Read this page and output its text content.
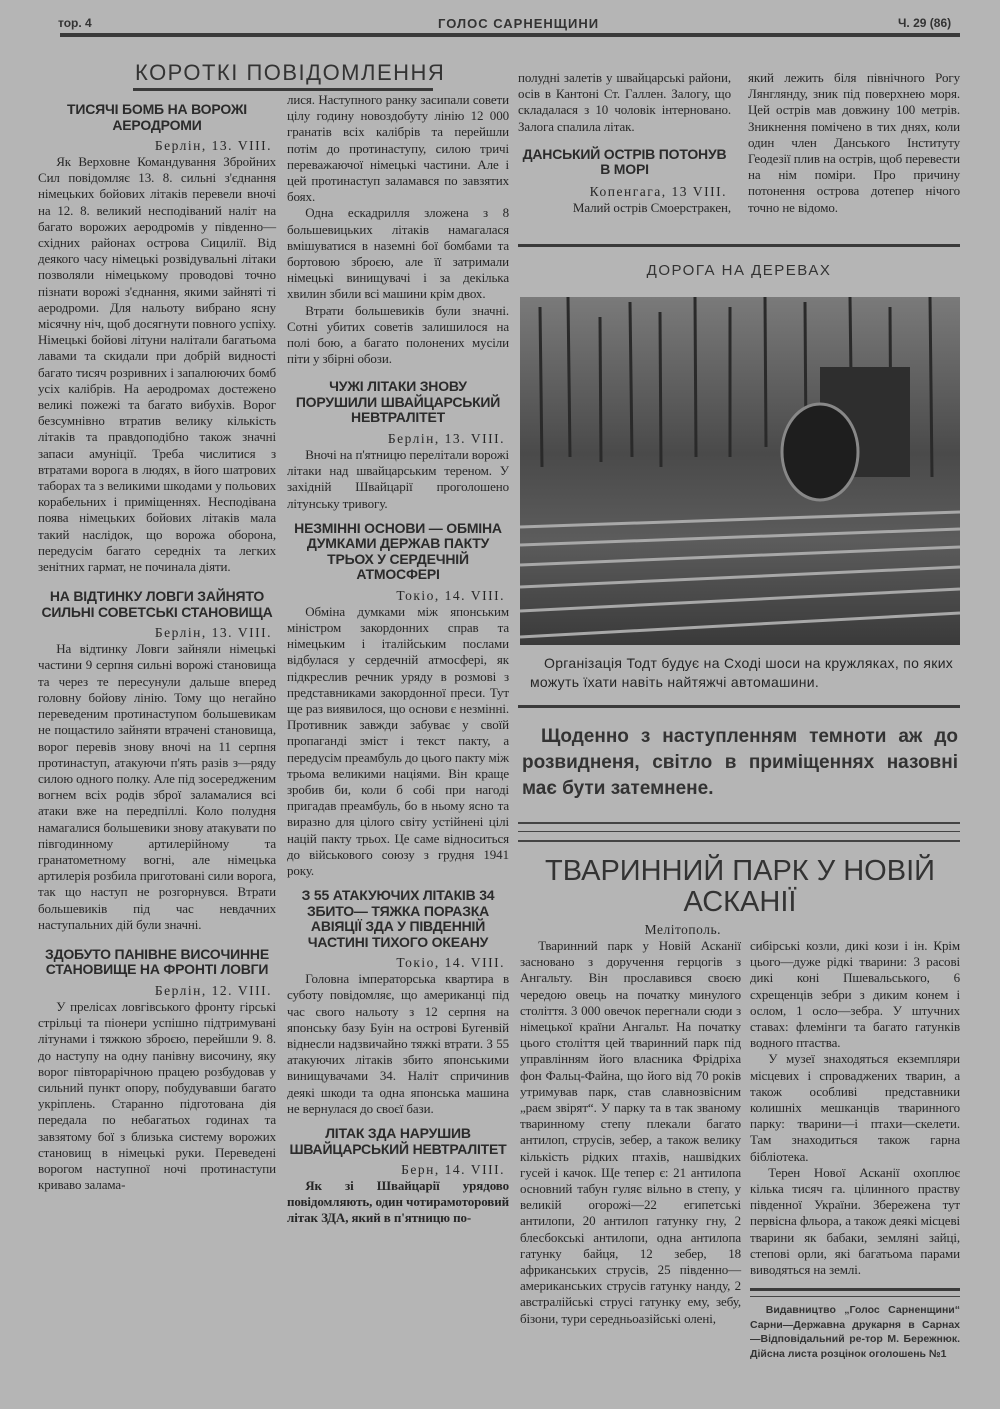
тор. 4	ГОЛОС САРНЕНЩИНИ	Ч. 29 (86)
КОРОТКІ ПОВІДОМЛЕННЯ
ТИСЯЧІ БОМБ НА ВОРОЖІ АЕРОДРОМИ
Берлін, 13. VIII.

Як Верховне Командування Збройних Сил повідомляє 13. 8. сильні з'єднання німецьких бойових літаків перевели вночі на 12. 8. великий несподіваний наліт на багато ворожих аеродромів у південно—східних районах острова Сицилії. Від деякого часу німецькі розвідувальні літаки позволяли німецькому проводові точно пізнати ворожі з'єднання, якими зайняті ті аеродроми. Для нальоту вибрано ясну місячну ніч, щоб досягнути повного успіху. Німецькі бойові літуни налітали багатьома лавами та скидали при добрій видності багато тисяч розривних і запалюючих бомб усіх калібрів. На аеродромах достежено великі пожежі та багато вибухів. Ворог безсумнівно втратив велику кількість літаків та правдоподібно також значні запаси амуніції. Треба числитися з втратами ворога в людях, в його шатрових таборах та з великими шкодами у польових корабельних і приміщеннях. Несподівана поява німецьких бойових літаків мала такий наслідок, що ворожа оборона, передусім багато середніх та легких зенітних гармат, не починала діяти.

НА ВІДТИНКУ ЛОВГИ ЗАЙНЯТО СИЛЬНІ СОВЕТСЬКІ СТАНОВИЩА
Берлін, 13. VIII.

На відтинку Ловги зайняли німецькі частини 9 серпня сильні ворожі становища та через те пересунули дальше вперед головну бойову лінію. Тому що негайно переведеним протинаступом большевикам не пощастило зайняти втрачені становища, ворог перевів знову вночі на 11 серпня протинаступ, атакуючи п'ять разів з—ряду силою одного полку. Але під зосередженим вогнем всіх родів зброї заламалися всі атаки вже на передпіллі. Коло полудня намагалися большевики знову атакувати по півгодинному артилерійному та гранатометному вогні, але німецька артилерія розбила приготовані сили ворога, так що наступ не розгорнувся. Втрати большевиків під час невдачних наступальних дій були значні.

ЗДОБУТО ПАНІВНЕ ВИСОЧИННЕ СТАНОВИЩЕ НА ФРОНТІ ЛОВГИ
Берлін, 12. VIII.

У прелісах ловгівського фронту гірські стрільці та піонери успішно підтримувані літунами і тяжкою зброєю, перейшли 9. 8. до наступу на одну панівну височину, яку ворог півторарічною працею розбудовав у сильний пункт опору, побудувавши багато укріплень. Старанно підготована дія передала по небагатьох годинах та завзятому бої з близька систему ворожих становищ в німецькі руки. Переведені ворогом наступної ночі протинаступи криваво залама-

лися. Наступного ранку засипали совети цілу годину новоздобуту лінію 12 000 гранатів всіх калібрів та перейшли потім до протинаступу, силою тричі переважаючої німецькі частини. Але і цей протинаступ заламався по завзятих боях.

Одна ескадрилля зложена з 8 большевицьких літаків намагалася вмішуватися в наземні бої бомбами та бортовою зброєю, але її затримали німецькі винищувачі і за декілька хвилин збили всі машини крім двох.

Втрати большевиків були значні. Сотні убитих советів залишилося на полі бою, а багато полонених мусіли піти у збірні обози.

ЧУЖІ ЛІТАКИ ЗНОВУ ПОРУШИЛИ ШВАЙЦАРСЬКИЙ НЕВТРАЛІТЕТ
Берлін, 13. VIII.

Вночі на п'ятницю перелітали ворожі літаки над швайцарським тереном. У західній Швайцарії проголошено літунську тривогу.

НЕЗМІННІ ОСНОВИ — ОБМІНА ДУМКАМИ ДЕРЖАВ ПАКТУ ТРЬОХ У СЕРДЕЧНІЙ АТМОСФЕРІ
Токіо, 14. VIII.

Обміна думками між японським міністром закордонних справ та німецьким і італійським послами відбулася у сердечній атмосфері, як підкреслив речник уряду в розмові з представниками закордонної преси. Тут ще раз виявилося, що основи є незмінні. Противник завжди забуває у своїй пропаганді зміст і текст пакту, а передусім преамбуль до цього пакту між трьома великими націями. Він краще зробив би, коли б собі при нагоді пригадав преамбуль, бо в ньому ясно та виразно для цілого світу устійнені цілі націй пакту трьох. Це саме відноситься до військового союзу з грудня 1941 року.

З 55 АТАКУЮЧИХ ЛІТАКІВ 34 ЗБИТО— ТЯЖКА ПОРАЗКА АВІЯЦІЇ ЗДА У ПІВДЕННІЙ ЧАСТИНІ ТИХОГО ОКЕАНУ
Токіо, 14. VIII.

Головна імператорська квартира в суботу повідомляє, що американці під час свого нальоту з 12 серпня на японську базу Буін на острові Бугенвій віднесли надзвичайно тяжкі втрати. З 55 атакуючих літаків збито японськими винищувачами 34. Наліт спричинив деякі шкоди та одна японська машина не вернулася до своєї бази.

ЛІТАК ЗДА НАРУШИВ ШВАЙЦАРСЬКИЙ НЕВТРАЛІТЕТ
Берн, 14. VIII.

Як зі Швайцарії урядово повідомляють, один чотирамоторовий літак ЗДА, який в п'ятницю по-

полудні залетів у швайцарські райони, осів в Кантоні Ст. Галлен. Залогу, що складалася з 10 чоловік інтерновано. Залога спалила літак.

ДАНСЬКИЙ ОСТРІВ ПОТОНУВ В МОРІ
Копенгага, 13 VIII.

Малий острів Смоерстракен,

який лежить біля північного Рогу Лянглянду, зник під поверхнею моря. Цей острів мав довжину 100 метрів. Зникнення помічено в тих днях, коли один член Данського Інституту Геодезії плив на острів, щоб перевести на нім поміри. Про причину потонення острова дотепер нічого точно не відомо.

ДОРОГА НА ДЕРЕВАХ
Організація Тодт будує на Сході шоси на кружляках, по яких можуть їхати навіть найтяжчі автомашини.
Щоденно з наступленням темноти аж до розвидненя, світло в приміщеннях назовні має бути затемнене.
ТВАРИННИЙ ПАРК У НОВІЙ АСКАНІЇ
Мелітополь.

Тваринний парк у Новій Асканії засновано з доручення герцогів з Ангальту. Він прославився своєю чередою овець на початку минулого століття. 3 000 овечок перегнали сюди з німецької країни Ангальт. На початку цього століття цей тваринний парк під управлінням його власника Фрідріха фон Фальц-Файна, що його від 70 років утримував парк, став славнозвісним „раєм звірят“. У парку та в так званому тваринному степу плекали багато антилоп, струсів, зебер, а також велику кількість рідких птахів, нашвідких гусей і качок. Ще тепер є: 21 антилопа основний табун гуляє вільно в степу, у великій огорожі—22 египетські антилопи, 20 антилоп гатунку гну, 2 блесбокські антилопи, одна антилопа гатунку байця, 12 зебер, 18 африканських струсів, 25 південно—американських струсів гатунку нанду, 2 австралійські струсі гатунку ему, зебу, бізони, тури середньоазійські олені,

сибірські козли, дикі кози і ін. Крім цього—дуже рідкі тварини: 3 расові дикі коні Пшевальського, 6 схрещенців зебри з диким конем і ослом, 1 осло—зебра. У штучних ставах: флемінги та багато гатунків водного птаства.

У музеї знаходяться екземпляри місцевих і спроваджених тварин, а також особливі представники колишніх мешканців тваринного парку: тварини—і птахи—скелети. Там знаходиться також гарна бібліотека.

Терен Нової Асканії охоплює кілька тисяч га. цілинного праству південної України. Збережена тут первісна фльора, а також деякі місцеві тварини як бабаки, земляні зайці, степові орли, які багатьома парами виводяться на землі.

Видавництво „Голос Сарненщини“ Сарни—Державна друкарня в Сарнах —Відповідальний ре-тор М. Бережнюк. Дійсна листа розцінок оголошень №1
